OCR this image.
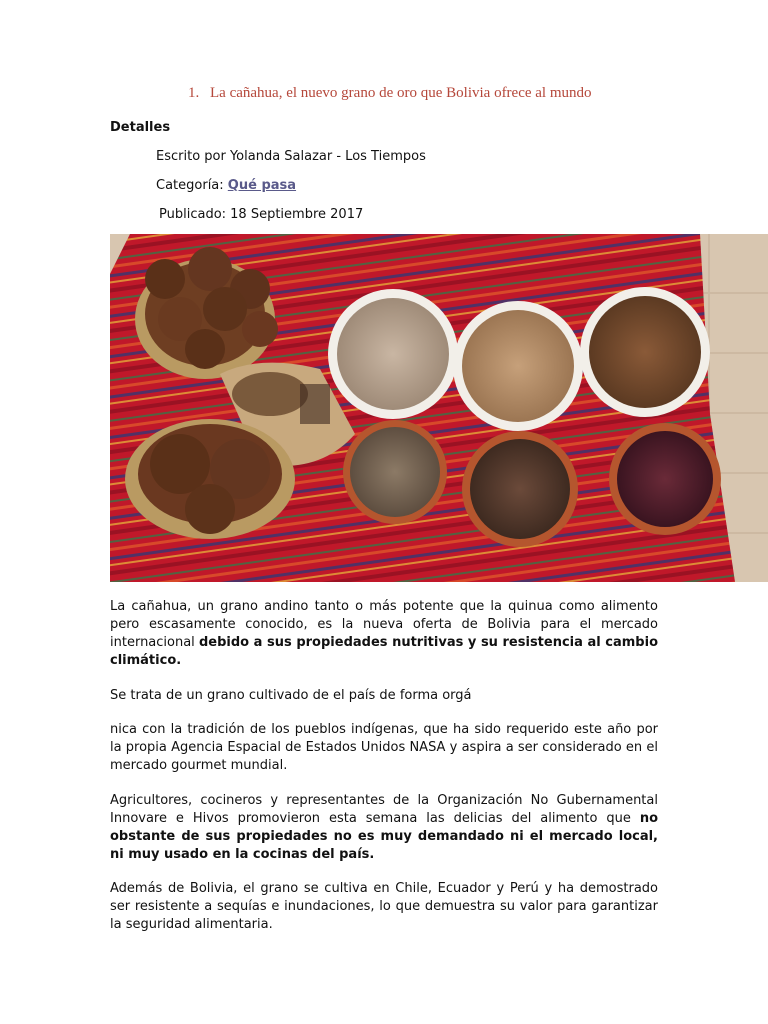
1. La cañahua, el nuevo grano de oro que Bolivia ofrece al mundo
Detalles
Escrito por Yolanda Salazar - Los Tiempos
Categoría: Qué pasa
Publicado: 18 Septiembre 2017

La cañahua, un grano andino tanto o más potente que la quinua como alimento pero escasamente conocido, es la nueva oferta de Bolivia para el mercado internacional debido a sus propiedades nutritivas y su resistencia al cambio climático.

Se trata de un grano cultivado de el país de forma orgá

nica con la tradición de los pueblos indígenas, que ha sido requerido este año por la propia Agencia Espacial de Estados Unidos NASA y aspira a ser considerado en el mercado gourmet mundial.

Agricultores, cocineros y representantes de la Organización No Gubernamental Innovare e Hivos promovieron esta semana las delicias del alimento que no obstante de sus propiedades no es muy demandado ni el mercado local, ni muy usado en la cocinas del país.

Además de Bolivia, el grano se cultiva en Chile, Ecuador y Perú y ha demostrado ser resistente a sequías e inundaciones, lo que demuestra su valor para garantizar la seguridad alimentaria.
